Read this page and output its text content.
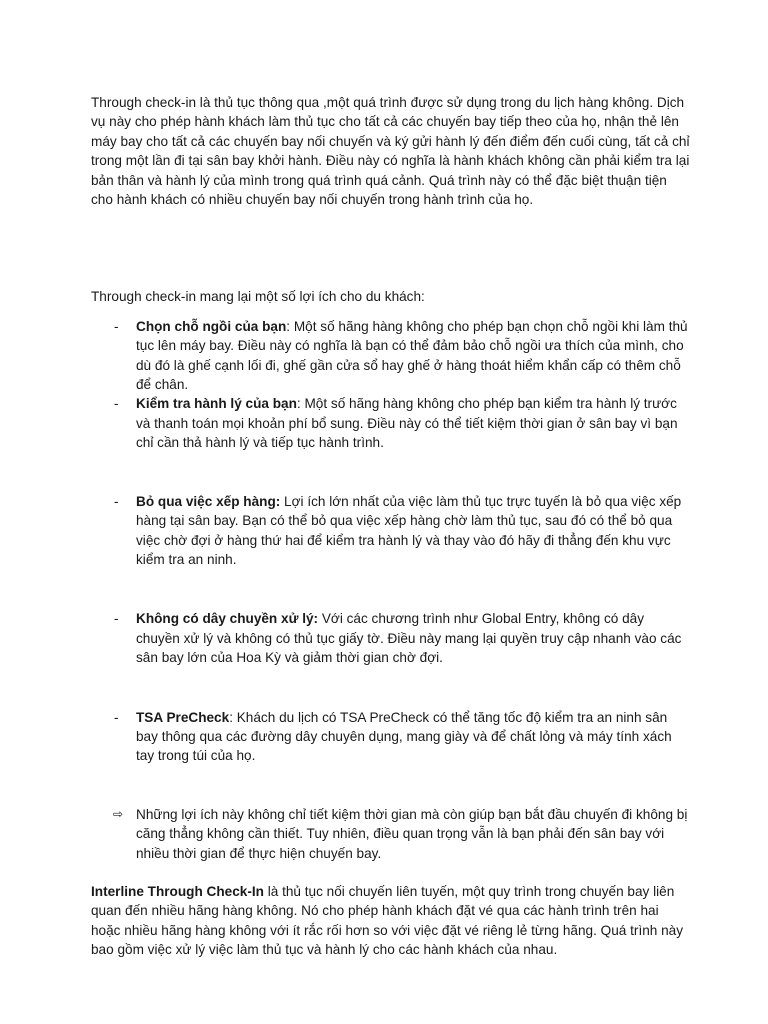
Through check-in là thủ tục thông qua ,một quá trình được sử dụng trong du lịch hàng không. Dịch vụ này cho phép hành khách làm thủ tục cho tất cả các chuyến bay tiếp theo của họ, nhận thẻ lên máy bay cho tất cả các chuyến bay nối chuyến và ký gửi hành lý đến điểm đến cuối cùng, tất cả chỉ trong một lần đi tại sân bay khởi hành. Điều này có nghĩa là hành khách không cần phải kiểm tra lại bản thân và hành lý của mình trong quá trình quá cảnh. Quá trình này có thể đặc biệt thuận tiện cho hành khách có nhiều chuyến bay nối chuyến trong hành trình của họ.

Through check-in mang lại một số lợi ích cho du khách:

- Chọn chỗ ngồi của bạn: Một số hãng hàng không cho phép bạn chọn chỗ ngồi khi làm thủ tục lên máy bay. Điều này có nghĩa là bạn có thể đảm bảo chỗ ngồi ưa thích của mình, cho dù đó là ghế cạnh lối đi, ghế gần cửa sổ hay ghế ở hàng thoát hiểm khẩn cấp có thêm chỗ để chân.
- Kiểm tra hành lý của bạn: Một số hãng hàng không cho phép bạn kiểm tra hành lý trước và thanh toán mọi khoản phí bổ sung. Điều này có thể tiết kiệm thời gian ở sân bay vì bạn chỉ cần thả hành lý và tiếp tục hành trình.
- Bỏ qua việc xếp hàng: Lợi ích lớn nhất của việc làm thủ tục trực tuyến là bỏ qua việc xếp hàng tại sân bay. Bạn có thể bỏ qua việc xếp hàng chờ làm thủ tục, sau đó có thể bỏ qua việc chờ đợi ở hàng thứ hai để kiểm tra hành lý và thay vào đó hãy đi thẳng đến khu vực kiểm tra an ninh.
- Không có dây chuyền xử lý: Với các chương trình như Global Entry, không có dây chuyền xử lý và không có thủ tục giấy tờ. Điều này mang lại quyền truy cập nhanh vào các sân bay lớn của Hoa Kỳ và giảm thời gian chờ đợi.
- TSA PreCheck: Khách du lịch có TSA PreCheck có thể tăng tốc độ kiểm tra an ninh sân bay thông qua các đường dây chuyên dụng, mang giày và để chất lỏng và máy tính xách tay trong túi của họ.
⇨ Những lợi ích này không chỉ tiết kiệm thời gian mà còn giúp bạn bắt đầu chuyến đi không bị căng thẳng không cần thiết. Tuy nhiên, điều quan trọng vẫn là bạn phải đến sân bay với nhiều thời gian để thực hiện chuyến bay.

Interline Through Check-In là thủ tục nối chuyến liên tuyến, một quy trình trong chuyến bay liên quan đến nhiều hãng hàng không. Nó cho phép hành khách đặt vé qua các hành trình trên hai hoặc nhiều hãng hàng không với ít rắc rối hơn so với việc đặt vé riêng lẻ từng hãng. Quá trình này bao gồm việc xử lý việc làm thủ tục và hành lý cho các hành khách của nhau.
